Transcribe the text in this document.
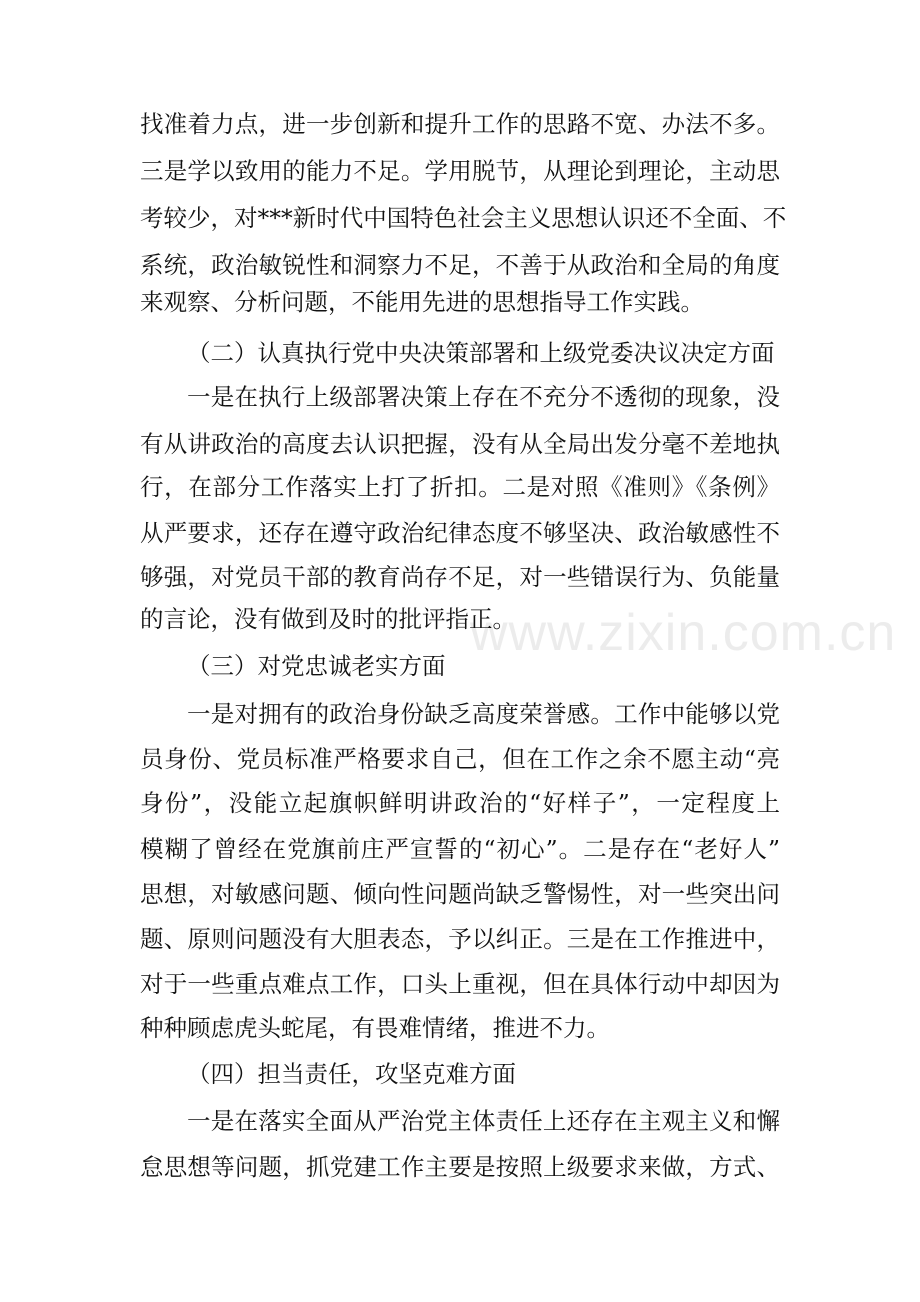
www.zixin.com.cn
找准着力点，进一步创新和提升工作的思路不宽、办法不多。
三是学以致用的能力不足。学用脱节，从理论到理论，主动思
考较少，对***新时代中国特色社会主义思想认识还不全面、不
系统，政治敏锐性和洞察力不足，不善于从政治和全局的角度
来观察、分析问题，不能用先进的思想指导工作实践。
（二）认真执行党中央决策部署和上级党委决议决定方面
一是在执行上级部署决策上存在不充分不透彻的现象，没
有从讲政治的高度去认识把握，没有从全局出发分毫不差地执
行，在部分工作落实上打了折扣。二是对照《准则》《条例》
从严要求，还存在遵守政治纪律态度不够坚决、政治敏感性不
够强，对党员干部的教育尚存不足，对一些错误行为、负能量
的言论，没有做到及时的批评指正。
（三）对党忠诚老实方面
一是对拥有的政治身份缺乏高度荣誉感。工作中能够以党
员身份、党员标准严格要求自己，但在工作之余不愿主动“亮
身份”，没能立起旗帜鲜明讲政治的“好样子”，一定程度上
模糊了曾经在党旗前庄严宣誓的“初心”。二是存在“老好人”
思想，对敏感问题、倾向性问题尚缺乏警惕性，对一些突出问
题、原则问题没有大胆表态，予以纠正。三是在工作推进中，
对于一些重点难点工作，口头上重视，但在具体行动中却因为
种种顾虑虎头蛇尾，有畏难情绪，推进不力。
（四）担当责任，攻坚克难方面
一是在落实全面从严治党主体责任上还存在主观主义和懈
怠思想等问题，抓党建工作主要是按照上级要求来做，方式、
